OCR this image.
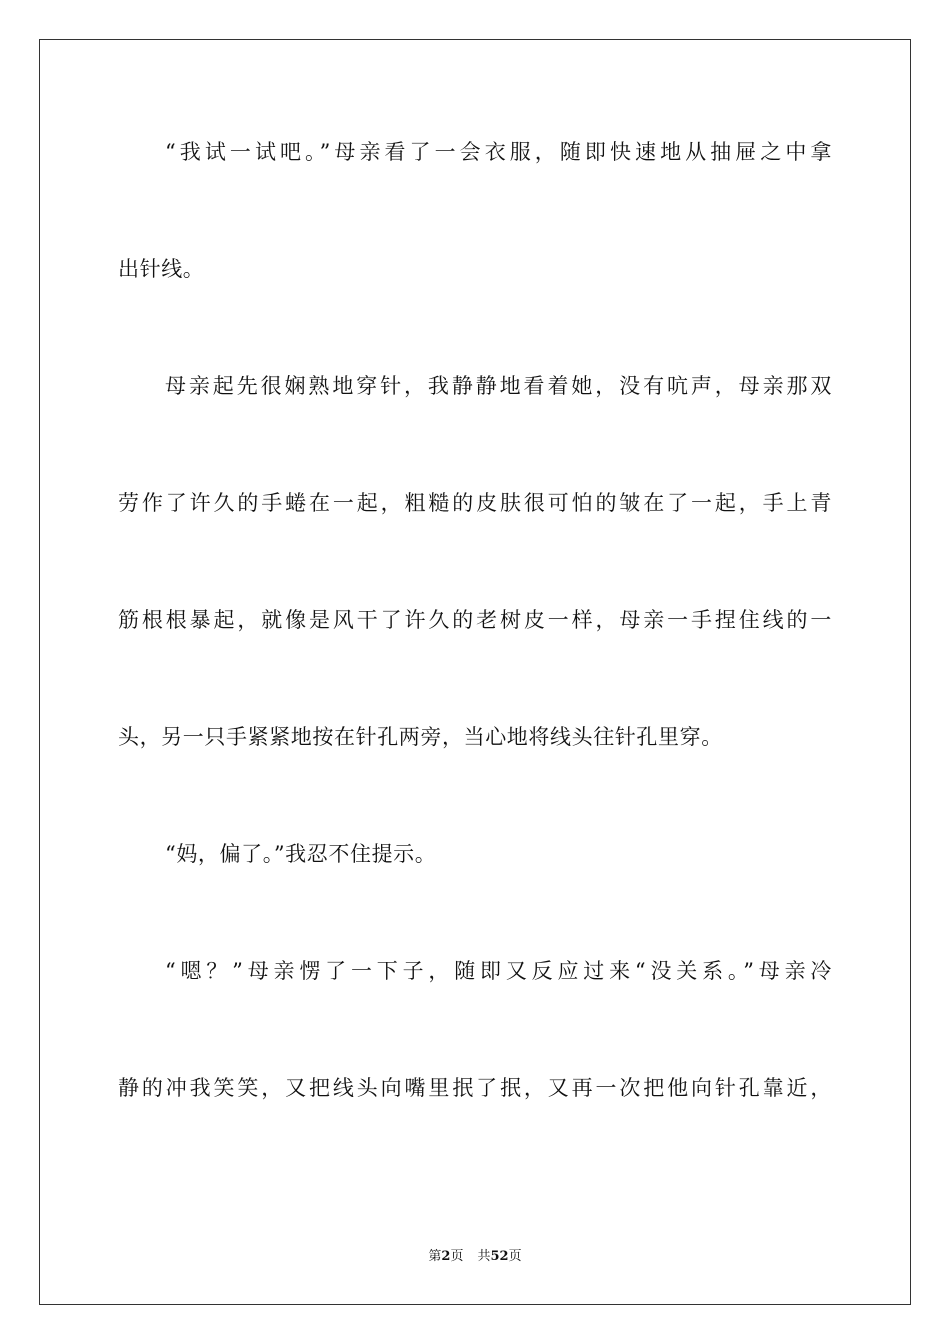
“我试一试吧。”母亲看了一会衣服，随即快速地从抽屉之中拿
出针线。
母亲起先很娴熟地穿针，我静静地看着她，没有吭声，母亲那双
劳作了许久的手蜷在一起，粗糙的皮肤很可怕的皱在了一起，手上青
筋根根暴起，就像是风干了许久的老树皮一样，母亲一手捏住线的一
头，另一只手紧紧地按在针孔两旁，当心地将线头往针孔里穿。
“妈，偏了。”我忍不住提示。
“嗯？”母亲愣了一下子，随即又反应过来“没关系。”母亲冷
静的冲我笑笑，又把线头向嘴里抿了抿，又再一次把他向针孔靠近，
第2页 共52页
